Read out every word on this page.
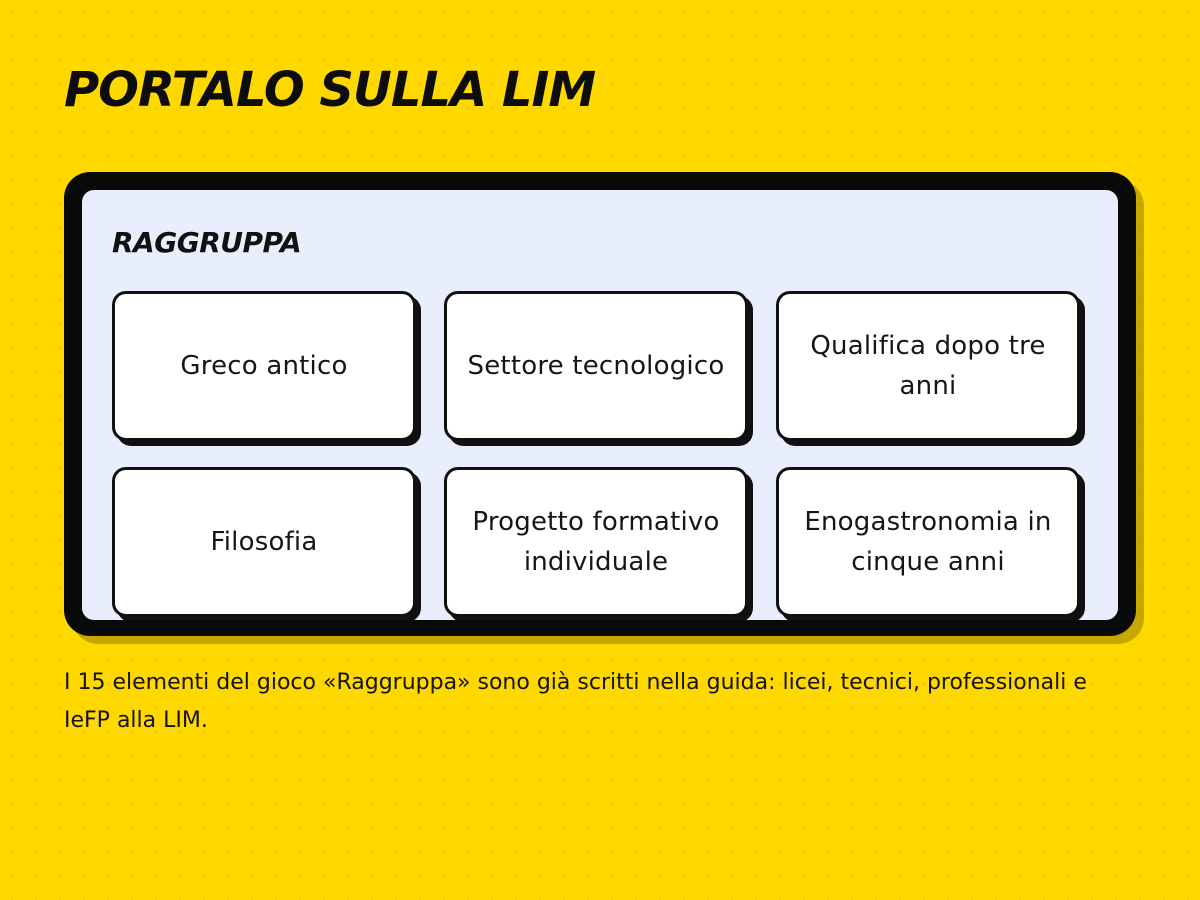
PORTALO SULLA LIM
RAGGRUPPA
Greco antico	Settore tecnologico
Qualifica dopo tre anni
Filosofia
Progetto formativo individuale
Enogastronomia in cinque anni

I 15 elementi del gioco «Raggruppa» sono già scritti nella guida: licei, tecnici, professionali e IeFP alla LIM.
